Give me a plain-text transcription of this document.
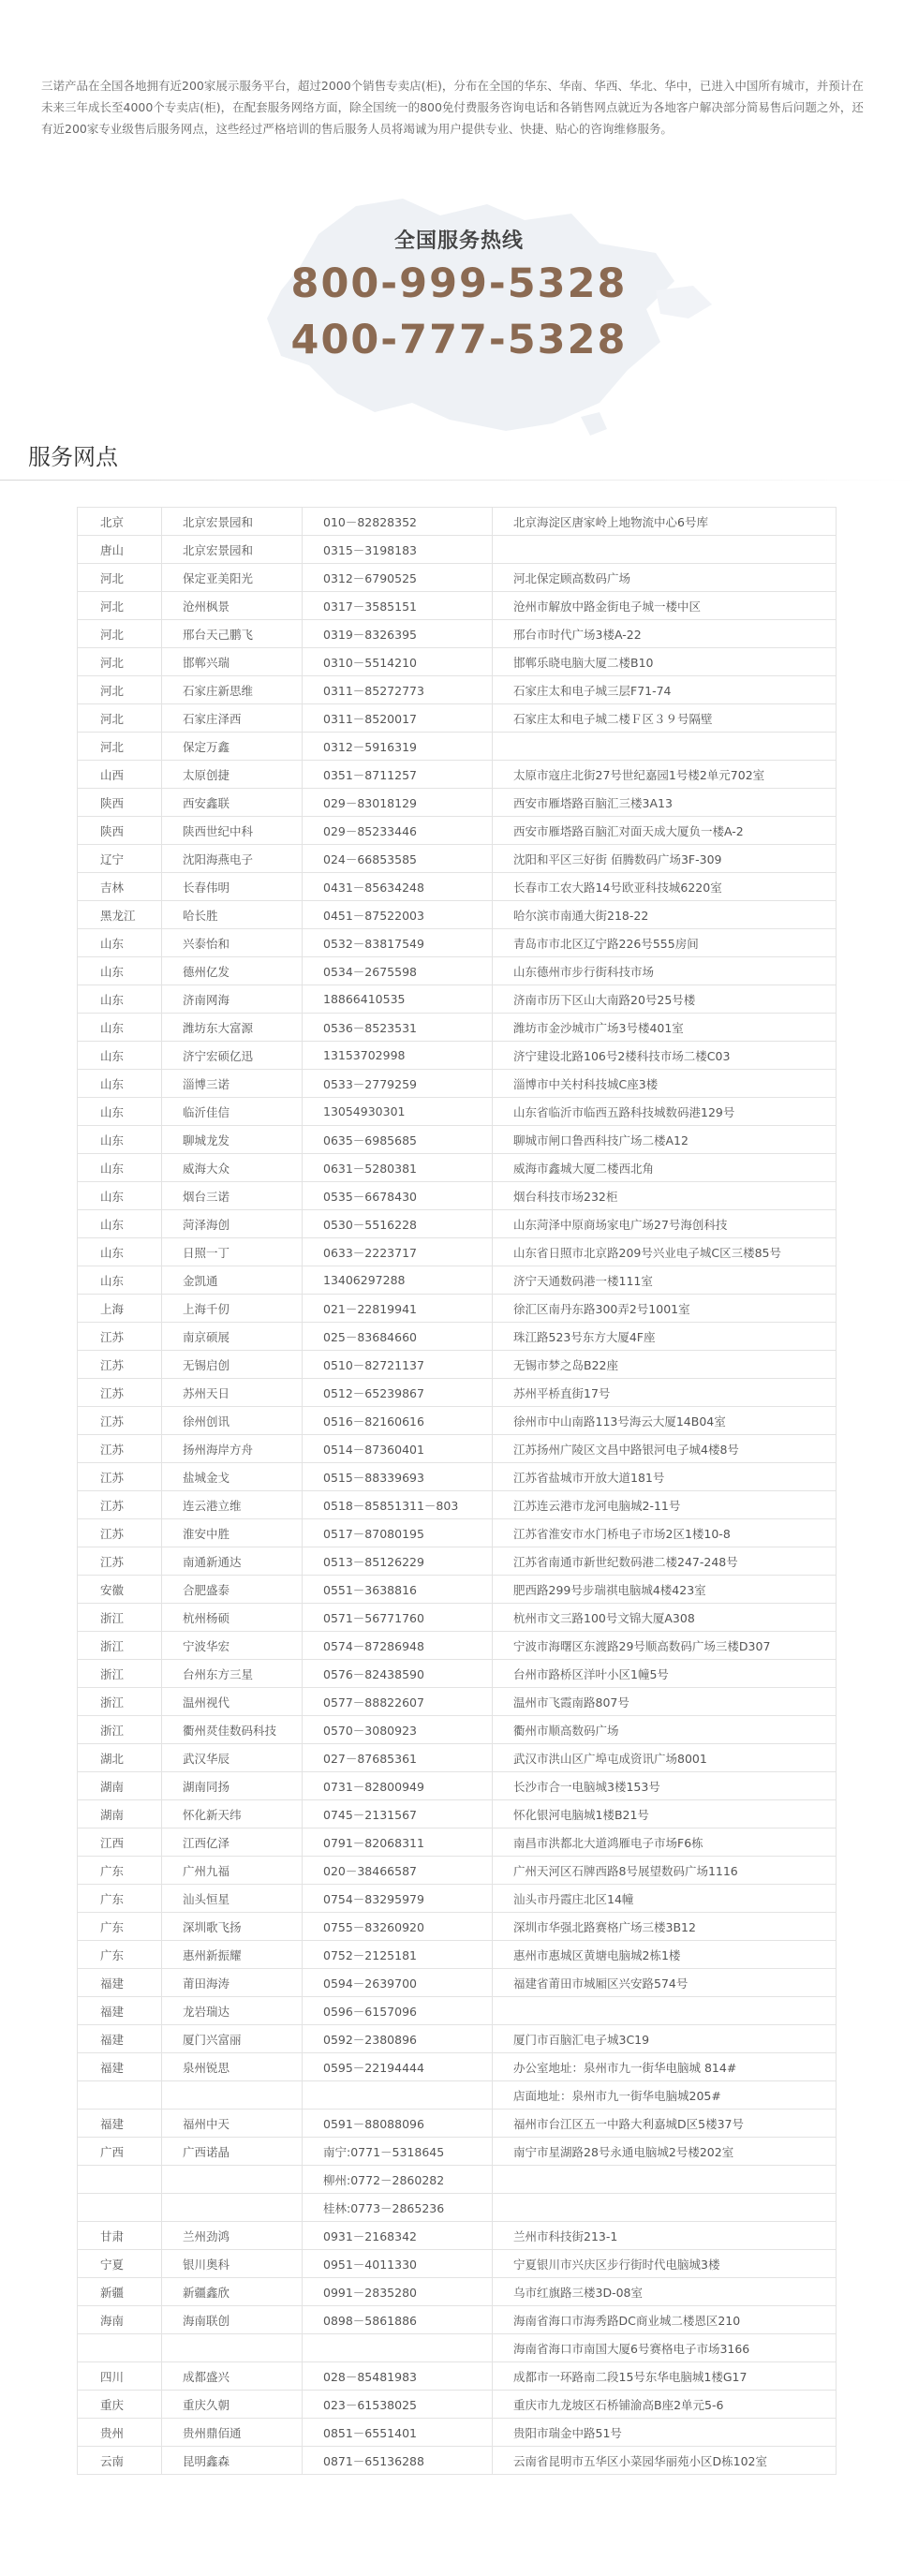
三诺产品在全国各地拥有近200家展示服务平台，超过2000个销售专卖店(柜)，分布在全国的华东、华南、华西、华北、华中，已进入中国所有城市，并预计在未来三年成长至4000个专卖店(柜)，在配套服务网络方面，除全国统一的800免付费服务咨询电话和各销售网点就近为各地客户解决部分简易售后问题之外，还有近200家专业级售后服务网点，这些经过严格培训的售后服务人员将竭诚为用户提供专业、快捷、贴心的咨询维修服务。

全国服务热线
800-999-5328
400-777-5328
服务网点
北京	北京宏景园和	010－82828352	北京海淀区唐家岭上地物流中心6号库
唐山	北京宏景园和	0315－3198183	
河北	保定亚美阳光	0312－6790525	河北保定顾高数码广场
河北	沧州枫景	0317－3585151	沧州市解放中路金街电子城一楼中区
河北	邢台天己鹏飞	0319－8326395	邢台市时代广场3楼A-22
河北	邯郸兴瑞	0310－5514210	邯郸乐晓电脑大厦二楼B10
河北	石家庄新思维	0311－85272773	石家庄太和电子城三层F71-74
河北	石家庄泽西	0311－8520017	石家庄太和电子城二楼Ｆ区３９号隔壁
河北	保定万鑫	0312－5916319	
山西	太原创捷	0351－8711257	太原市寇庄北街27号世纪嘉园1号楼2单元702室
陕西	西安鑫联	029－83018129	西安市雁塔路百脑汇三楼3A13
陕西	陕西世纪中科	029－85233446	西安市雁塔路百脑汇对面天成大厦负一楼A-2
辽宁	沈阳海燕电子	024－66853585	沈阳和平区三好街 佰腾数码广场3F-309
吉林	长春伟明	0431－85634248	长春市工农大路14号欧亚科技城6220室
黑龙江	哈长胜	0451－87522003	哈尔滨市南通大街218-22
山东	兴泰怡和	0532－83817549	青岛市市北区辽宁路226号555房间
山东	德州亿发	0534－2675598	山东德州市步行街科技市场
山东	济南网海	18866410535	济南市历下区山大南路20号25号楼
山东	潍坊东大富源	0536－8523531	潍坊市金沙城市广场3号楼401室
山东	济宁宏硕亿迅	13153702998	济宁建设北路106号2楼科技市场二楼C03
山东	淄博三诺	0533－2779259	淄博市中关村科技城C座3楼
山东	临沂佳信	13054930301	山东省临沂市临西五路科技城数码港129号
山东	聊城龙发	0635－6985685	聊城市闸口鲁西科技广场二楼A12
山东	威海大众	0631－5280381	威海市鑫城大厦二楼西北角
山东	烟台三诺	0535－6678430	烟台科技市场232柜
山东	菏泽海创	0530－5516228	山东菏泽中原商场家电广场27号海创科技
山东	日照一丁	0633－2223717	山东省日照市北京路209号兴业电子城C区三楼85号
山东	金凯通	13406297288	济宁天通数码港一楼111室
上海	上海千仞	021－22819941	徐汇区南丹东路300弄2号1001室
江苏	南京硕展	025－83684660	珠江路523号东方大厦4F座
江苏	无锡启创	0510－82721137	无锡市梦之岛B22座
江苏	苏州天日	0512－65239867	苏州平桥直街17号
江苏	徐州创讯	0516－82160616	徐州市中山南路113号海云大厦14B04室
江苏	扬州海岸方舟	0514－87360401	江苏扬州广陵区文昌中路银河电子城4楼8号
江苏	盐城金戈	0515－88339693	江苏省盐城市开放大道181号
江苏	连云港立维	0518－85851311－803	江苏连云港市龙河电脑城2-11号
江苏	淮安中胜	0517－87080195	江苏省淮安市水门桥电子市场2区1楼10-8
江苏	南通新通达	0513－85126229	江苏省南通市新世纪数码港二楼247-248号
安徽	合肥盛泰	0551－3638816	肥西路299号步瑞祺电脑城4楼423室
浙江	杭州杨硕	0571－56771760	杭州市文三路100号文锦大厦A308
浙江	宁波华宏	0574－87286948	宁波市海曙区东渡路29号顺高数码广场三楼D307
浙江	台州东方三星	0576－82438590	台州市路桥区洋叶小区1幢5号
浙江	温州视代	0577－88822607	温州市飞霞南路807号
浙江	衢州烎佳数码科技	0570－3080923	衢州市顺高数码广场
湖北	武汉华辰	027－87685361	武汉市洪山区广埠屯成资讯广场8001
湖南	湖南同扬	0731－82800949	长沙市合一电脑城3楼153号
湖南	怀化新天纬	0745－2131567	怀化银河电脑城1楼B21号
江西	江西亿泽	0791－82068311	南昌市洪都北大道鸿雁电子市场F6栋
广东	广州九福	020－38466587	广州天河区石牌西路8号展望数码广场1116
广东	汕头恒星	0754－83295979	汕头市丹霞庄北区14幢
广东	深圳歌飞扬	0755－83260920	深圳市华强北路赛格广场三楼3B12
广东	惠州新振耀	0752－2125181	惠州市惠城区黄塘电脑城2栋1楼
福建	莆田海涛	0594－2639700	福建省莆田市城厢区兴安路574号
福建	龙岩瑞达	0596－6157096	
福建	厦门兴富丽	0592－2380896	厦门市百脑汇电子城3C19
福建	泉州锐思	0595－22194444	办公室地址：泉州市九一街华电脑城 814#
			店面地址：泉州市九一街华电脑城205#
福建	福州中天	0591－88088096	福州市台江区五一中路大利嘉城D区5楼37号
广西	广西诺晶	南宁:0771－5318645	南宁市星湖路28号永通电脑城2号楼202室
		柳州:0772－2860282	
		桂林:0773－2865236	
甘肃	兰州劲鸿	0931－2168342	兰州市科技街213-1
宁夏	银川奥科	0951－4011330	宁夏银川市兴庆区步行街时代电脑城3楼
新疆	新疆鑫欣	0991－2835280	乌市红旗路三楼3D-08室
海南	海南联创	0898－5861886	海南省海口市海秀路DC商业城二楼恩区210
			海南省海口市南国大厦6号赛格电子市场3166
四川	成都盛兴	028－85481983	成都市一环路南二段15号东华电脑城1楼G17
重庆	重庆久朝	023－61538025	重庆市九龙坡区石桥铺渝高B座2单元5-6
贵州	贵州鼎佰通	0851－6551401	贵阳市瑞金中路51号
云南	昆明鑫森	0871－65136288	云南省昆明市五华区小菜园华丽苑小区D栋102室
